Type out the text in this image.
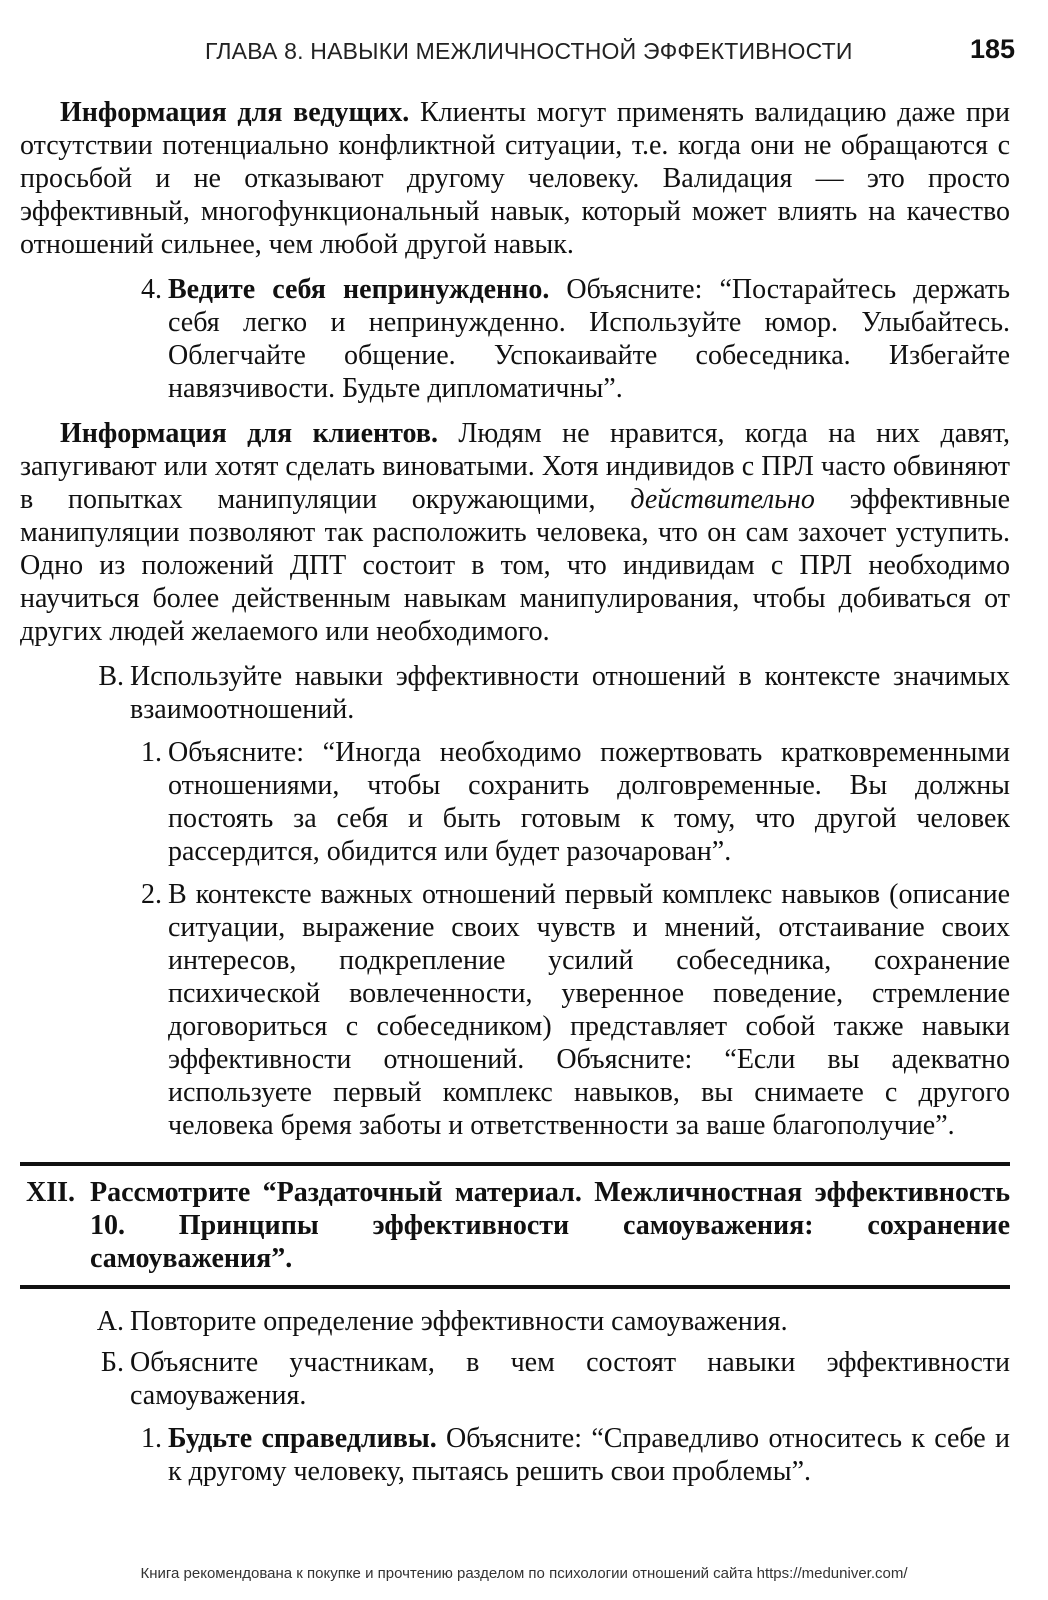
ГЛАВА 8. НАВЫКИ МЕЖЛИЧНОСТНОЙ ЭФФЕКТИВНОСТИ	185

Информация для ведущих. Клиенты могут применять валидацию даже при отсутствии потенциально конфликтной ситуации, т.е. когда они не обращаются с просьбой и не отказывают другому человеку. Валидация — это просто эффективный, многофункциональный навык, который может влиять на качество отношений сильнее, чем любой другой навык.

4. Ведите себя непринужденно. Объясните: “Постарайтесь держать себя легко и непринужденно. Используйте юмор. Улыбайтесь. Облегчайте общение. Успокаивайте собеседника. Избегайте навязчивости. Будьте дипломатичны”.

Информация для клиентов. Людям не нравится, когда на них давят, запугивают или хотят сделать виноватыми. Хотя индивидов с ПРЛ часто обвиняют в попытках манипуляции окружающими, действительно эффективные манипуляции позволяют так расположить человека, что он сам захочет уступить. Одно из положений ДПТ состоит в том, что индивидам с ПРЛ необходимо научиться более действенным навыкам манипулирования, чтобы добиваться от других людей желаемого или необходимого.

В. Используйте навыки эффективности отношений в контексте значимых взаимоотношений.
1. Объясните: “Иногда необходимо пожертвовать кратковременными отношениями, чтобы сохранить долговременные. Вы должны постоять за себя и быть готовым к тому, что другой человек рассердится, обидится или будет разочарован”.
2. В контексте важных отношений первый комплекс навыков (описание ситуации, выражение своих чувств и мнений, отстаивание своих интересов, подкрепление усилий собеседника, сохранение психической вовлеченности, уверенное поведение, стремление договориться с собеседником) представляет собой также навыки эффективности отношений. Объясните: “Если вы адекватно используете первый комплекс навыков, вы снимаете с другого человека бремя заботы и ответственности за ваше благополучие”.
XII. Рассмотрите “Раздаточный материал. Межличностная эффективность 10. Принципы эффективности самоуважения: сохранение самоуважения”.
А. Повторите определение эффективности самоуважения.
Б. Объясните участникам, в чем состоят навыки эффективности самоуважения.
1. Будьте справедливы. Объясните: “Справедливо относитесь к себе и к другому человеку, пытаясь решить свои проблемы”.
Книга рекомендована к покупке и прочтению разделом по психологии отношений сайта https://meduniver.com/
